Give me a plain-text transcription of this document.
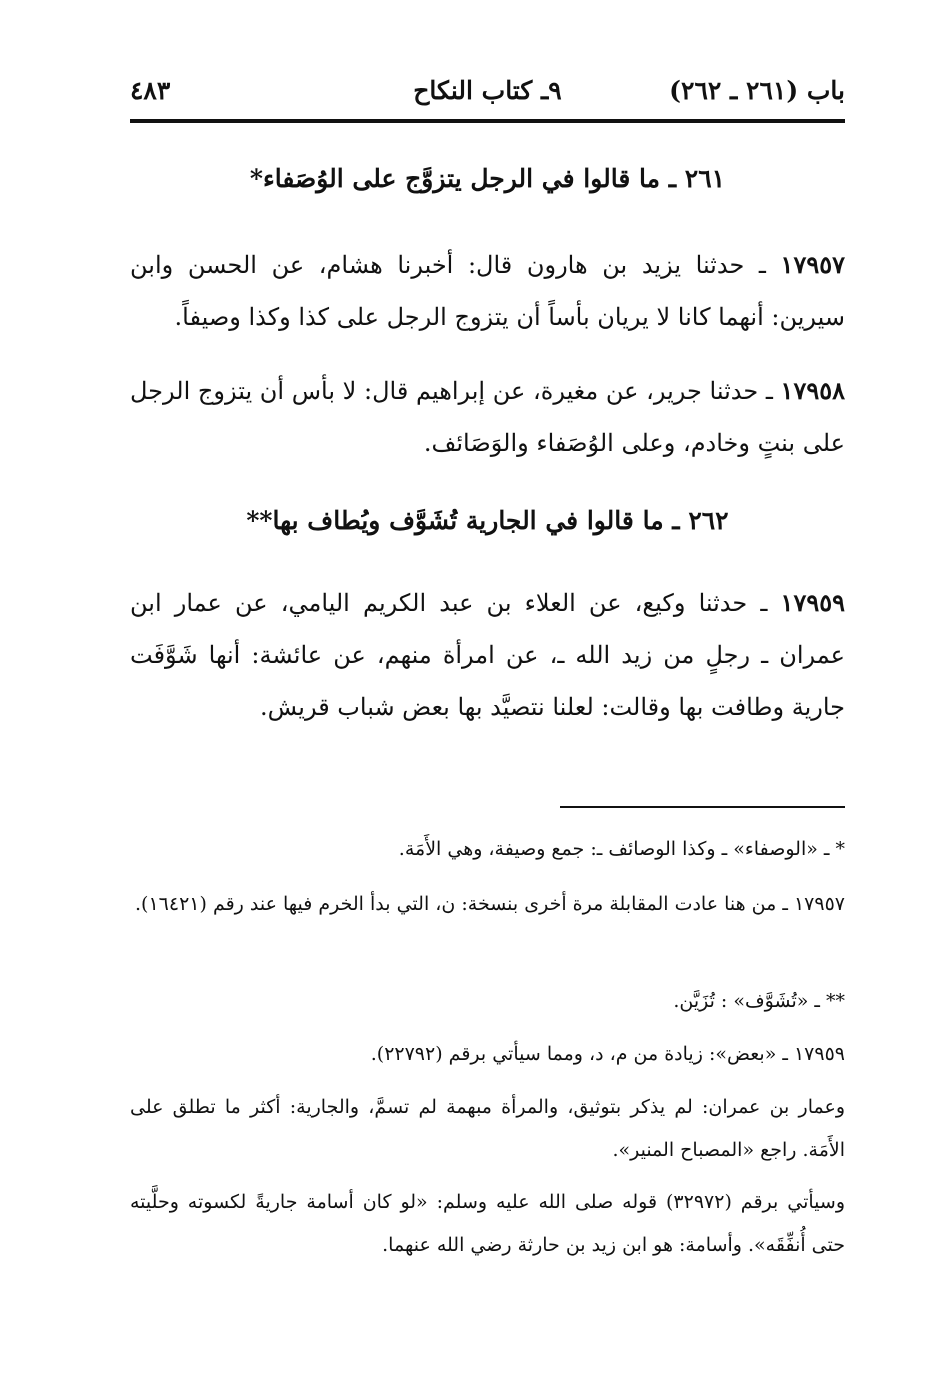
باب (٢٦١ ـ ٢٦٢)
٩ـ كتاب النكاح
٤٨٣
٢٦١ ـ ما قالوا في الرجل يتزوَّج على الوُصَفاء*
١٧٩٥٧ ـ حدثنا يزيد بن هارون قال: أخبرنا هشام، عن الحسن وابن سيرين: أنهما كانا لا يريان بأساً أن يتزوج الرجل على كذا وكذا وصيفاً.
١٧٩٥٨ ـ حدثنا جرير، عن مغيرة، عن إبراهيم قال: لا بأس أن يتزوج الرجل على بنتٍ وخادم، وعلى الوُصَفاء والوَصَائف.
٢٦٢ ـ ما قالوا في الجارية تُشَوَّف ويُطاف بها**
١٧٩٥٩ ـ حدثنا وكيع، عن العلاء بن عبد الكريم اليامي، عن عمار ابن عمران ـ رجلٍ من زيد الله ـ، عن امرأة منهم، عن عائشة: أنها شَوَّفَت جارية وطافت بها وقالت: لعلنا نتصيَّد بها بعض شباب قريش.
* ـ «الوصفاء» ـ وكذا الوصائف ـ: جمع وصيفة، وهي الأَمَة.
١٧٩٥٧ ـ من هنا عادت المقابلة مرة أخرى بنسخة: ن، التي بدأ الخرم فيها عند رقم (١٦٤٢١).
** ـ «تُشَوَّف» : تُزَيَّن.
١٧٩٥٩ ـ «بعض»: زيادة من م، د، ومما سيأتي برقم (٢٢٧٩٢).
وعمار بن عمران: لم يذكر بتوثيق، والمرأة مبهمة لم تسمَّ، والجارية: أكثر ما تطلق على الأَمَة. راجع «المصباح المنير».
وسيأتي برقم (٣٢٩٧٢) قوله صلى الله عليه وسلم: «لو كان أسامة جاريةً لكسوته وحلَّيته حتى أُنفِّقَه». وأسامة: هو ابن زيد بن حارثة رضي الله عنهما.
